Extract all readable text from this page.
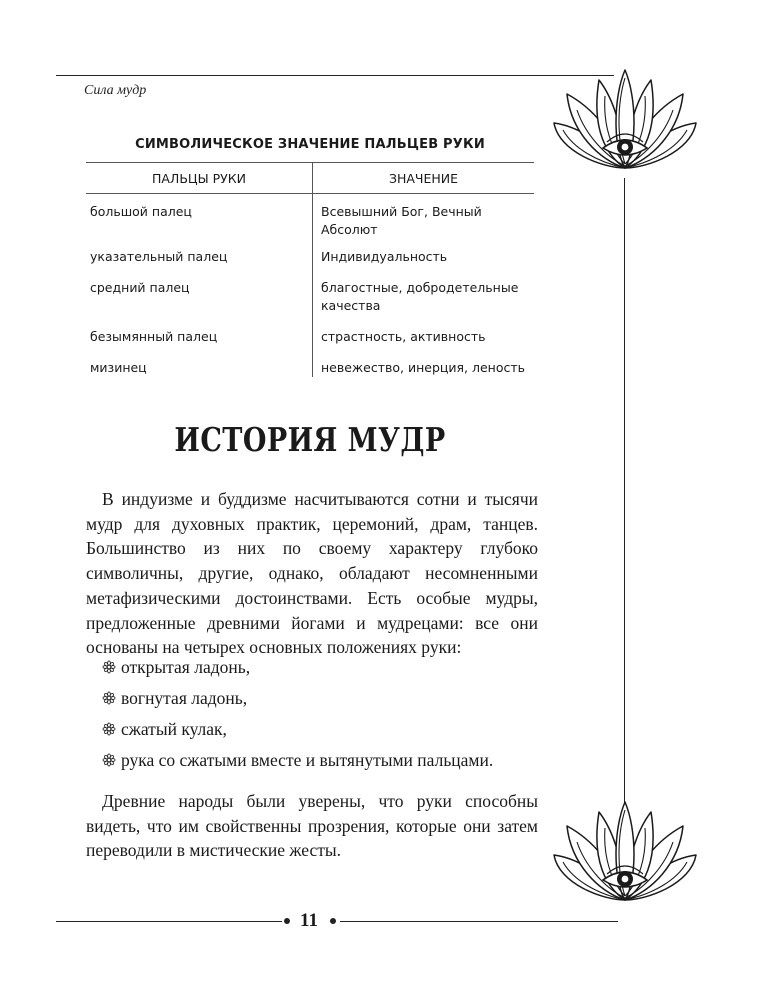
Сила мудр
СИМВОЛИЧЕСКОЕ ЗНАЧЕНИЕ ПАЛЬЦЕВ РУКИ
ПАЛЬЦЫ РУКИ	ЗНАЧЕНИЕ
большой палец	Всевышний Бог, Вечный Абсолют
указательный палец	Индивидуальность
средний палец	благостные, добродетельные качества
безымянный палец	страстность, активность
мизинец	невежество, инерция, леность
ИСТОРИЯ МУДР

В индуизме и буддизме насчитываются сотни и тысячи мудр для духовных практик, церемоний, драм, танцев. Большинство из них по своему характеру глубоко символичны, другие, однако, обладают несомненными метафизическими достоинствами. Есть особые мудры, предложенные древними йогами и мудрецами: все они основаны на четырех основных положениях руки:

открытая ладонь,
вогнутая ладонь,
сжатый кулак,
рука со сжатыми вместе и вытянутыми пальцами.

Древние народы были уверены, что руки способны видеть, что им свойственны прозрения, которые они затем переводили в мистические жесты.

11
